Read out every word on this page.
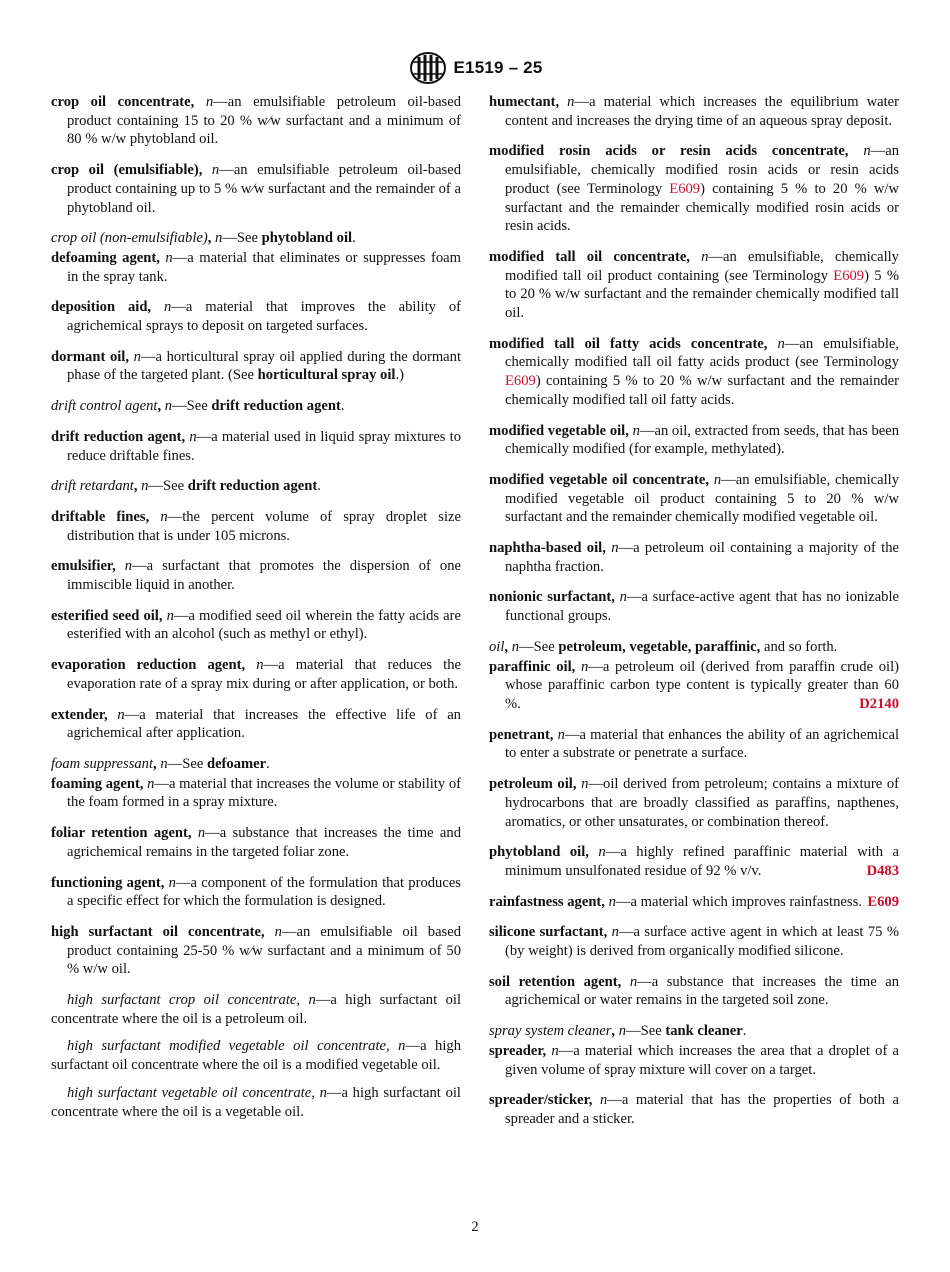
E1519 – 25
crop oil concentrate, n—an emulsifiable petroleum oil-based product containing 15 to 20 % w⁄w surfactant and a minimum of 80 % w/w phytobland oil.
crop oil (emulsifiable), n—an emulsifiable petroleum oil-based product containing up to 5 % w⁄w surfactant and the remainder of a phytobland oil.
crop oil (non-emulsifiable), n—See phytobland oil.
defoaming agent, n—a material that eliminates or suppresses foam in the spray tank.
deposition aid, n—a material that improves the ability of agrichemical sprays to deposit on targeted surfaces.
dormant oil, n—a horticultural spray oil applied during the dormant phase of the targeted plant. (See horticultural spray oil.)
drift control agent, n—See drift reduction agent.
drift reduction agent, n—a material used in liquid spray mixtures to reduce driftable fines.
drift retardant, n—See drift reduction agent.
driftable fines, n—the percent volume of spray droplet size distribution that is under 105 microns.
emulsifier, n—a surfactant that promotes the dispersion of one immiscible liquid in another.
esterified seed oil, n—a modified seed oil wherein the fatty acids are esterified with an alcohol (such as methyl or ethyl).
evaporation reduction agent, n—a material that reduces the evaporation rate of a spray mix during or after application, or both.
extender, n—a material that increases the effective life of an agrichemical after application.
foam suppressant, n—See defoamer.
foaming agent, n—a material that increases the volume or stability of the foam formed in a spray mixture.
foliar retention agent, n—a substance that increases the time and agrichemical remains in the targeted foliar zone.
functioning agent, n—a component of the formulation that produces a specific effect for which the formulation is designed.
high surfactant oil concentrate, n—an emulsifiable oil based product containing 25-50 % w⁄w surfactant and a minimum of 50 % w/w oil.
high surfactant crop oil concentrate, n—a high surfactant oil concentrate where the oil is a petroleum oil.
high surfactant modified vegetable oil concentrate, n—a high surfactant oil concentrate where the oil is a modified vegetable oil.
high surfactant vegetable oil concentrate, n—a high surfactant oil concentrate where the oil is a vegetable oil.
humectant, n—a material which increases the equilibrium water content and increases the drying time of an aqueous spray deposit.
modified rosin acids or resin acids concentrate, n—an emulsifiable, chemically modified rosin acids or resin acids product (see Terminology E609) containing 5 % to 20 % w/w surfactant and the remainder chemically modified rosin acids or resin acids.
modified tall oil concentrate, n—an emulsifiable, chemically modified tall oil product containing (see Terminology E609) 5 % to 20 % w/w surfactant and the remainder chemically modified tall oil.
modified tall oil fatty acids concentrate, n—an emulsifiable, chemically modified tall oil fatty acids product (see Terminology E609) containing 5 % to 20 % w/w surfactant and the remainder chemically modified tall oil fatty acids.
modified vegetable oil, n—an oil, extracted from seeds, that has been chemically modified (for example, methylated).
modified vegetable oil concentrate, n—an emulsifiable, chemically modified vegetable oil product containing 5 to 20 % w/w surfactant and the remainder chemically modified vegetable oil.
naphtha-based oil, n—a petroleum oil containing a majority of the naphtha fraction.
nonionic surfactant, n—a surface-active agent that has no ionizable functional groups.
oil, n—See petroleum, vegetable, paraffinic, and so forth.
paraffinic oil, n—a petroleum oil (derived from paraffin crude oil) whose paraffinic carbon type content is typically greater than 60 %.	D2140
penetrant, n—a material that enhances the ability of an agrichemical to enter a substrate or penetrate a surface.
petroleum oil, n—oil derived from petroleum; contains a mixture of hydrocarbons that are broadly classified as paraffins, napthenes, aromatics, or other unsaturates, or combination thereof.
phytobland oil, n—a highly refined paraffinic material with a minimum unsulfonated residue of 92 % v/v.	D483
rainfastness agent, n—a material which improves rainfastness. E609
silicone surfactant, n—a surface active agent in which at least 75 % (by weight) is derived from organically modified silicone.
soil retention agent, n—a substance that increases the time an agrichemical or water remains in the targeted soil zone.
spray system cleaner, n—See tank cleaner.
spreader, n—a material which increases the area that a droplet of a given volume of spray mixture will cover on a target.
spreader/sticker, n—a material that has the properties of both a spreader and a sticker.
2
